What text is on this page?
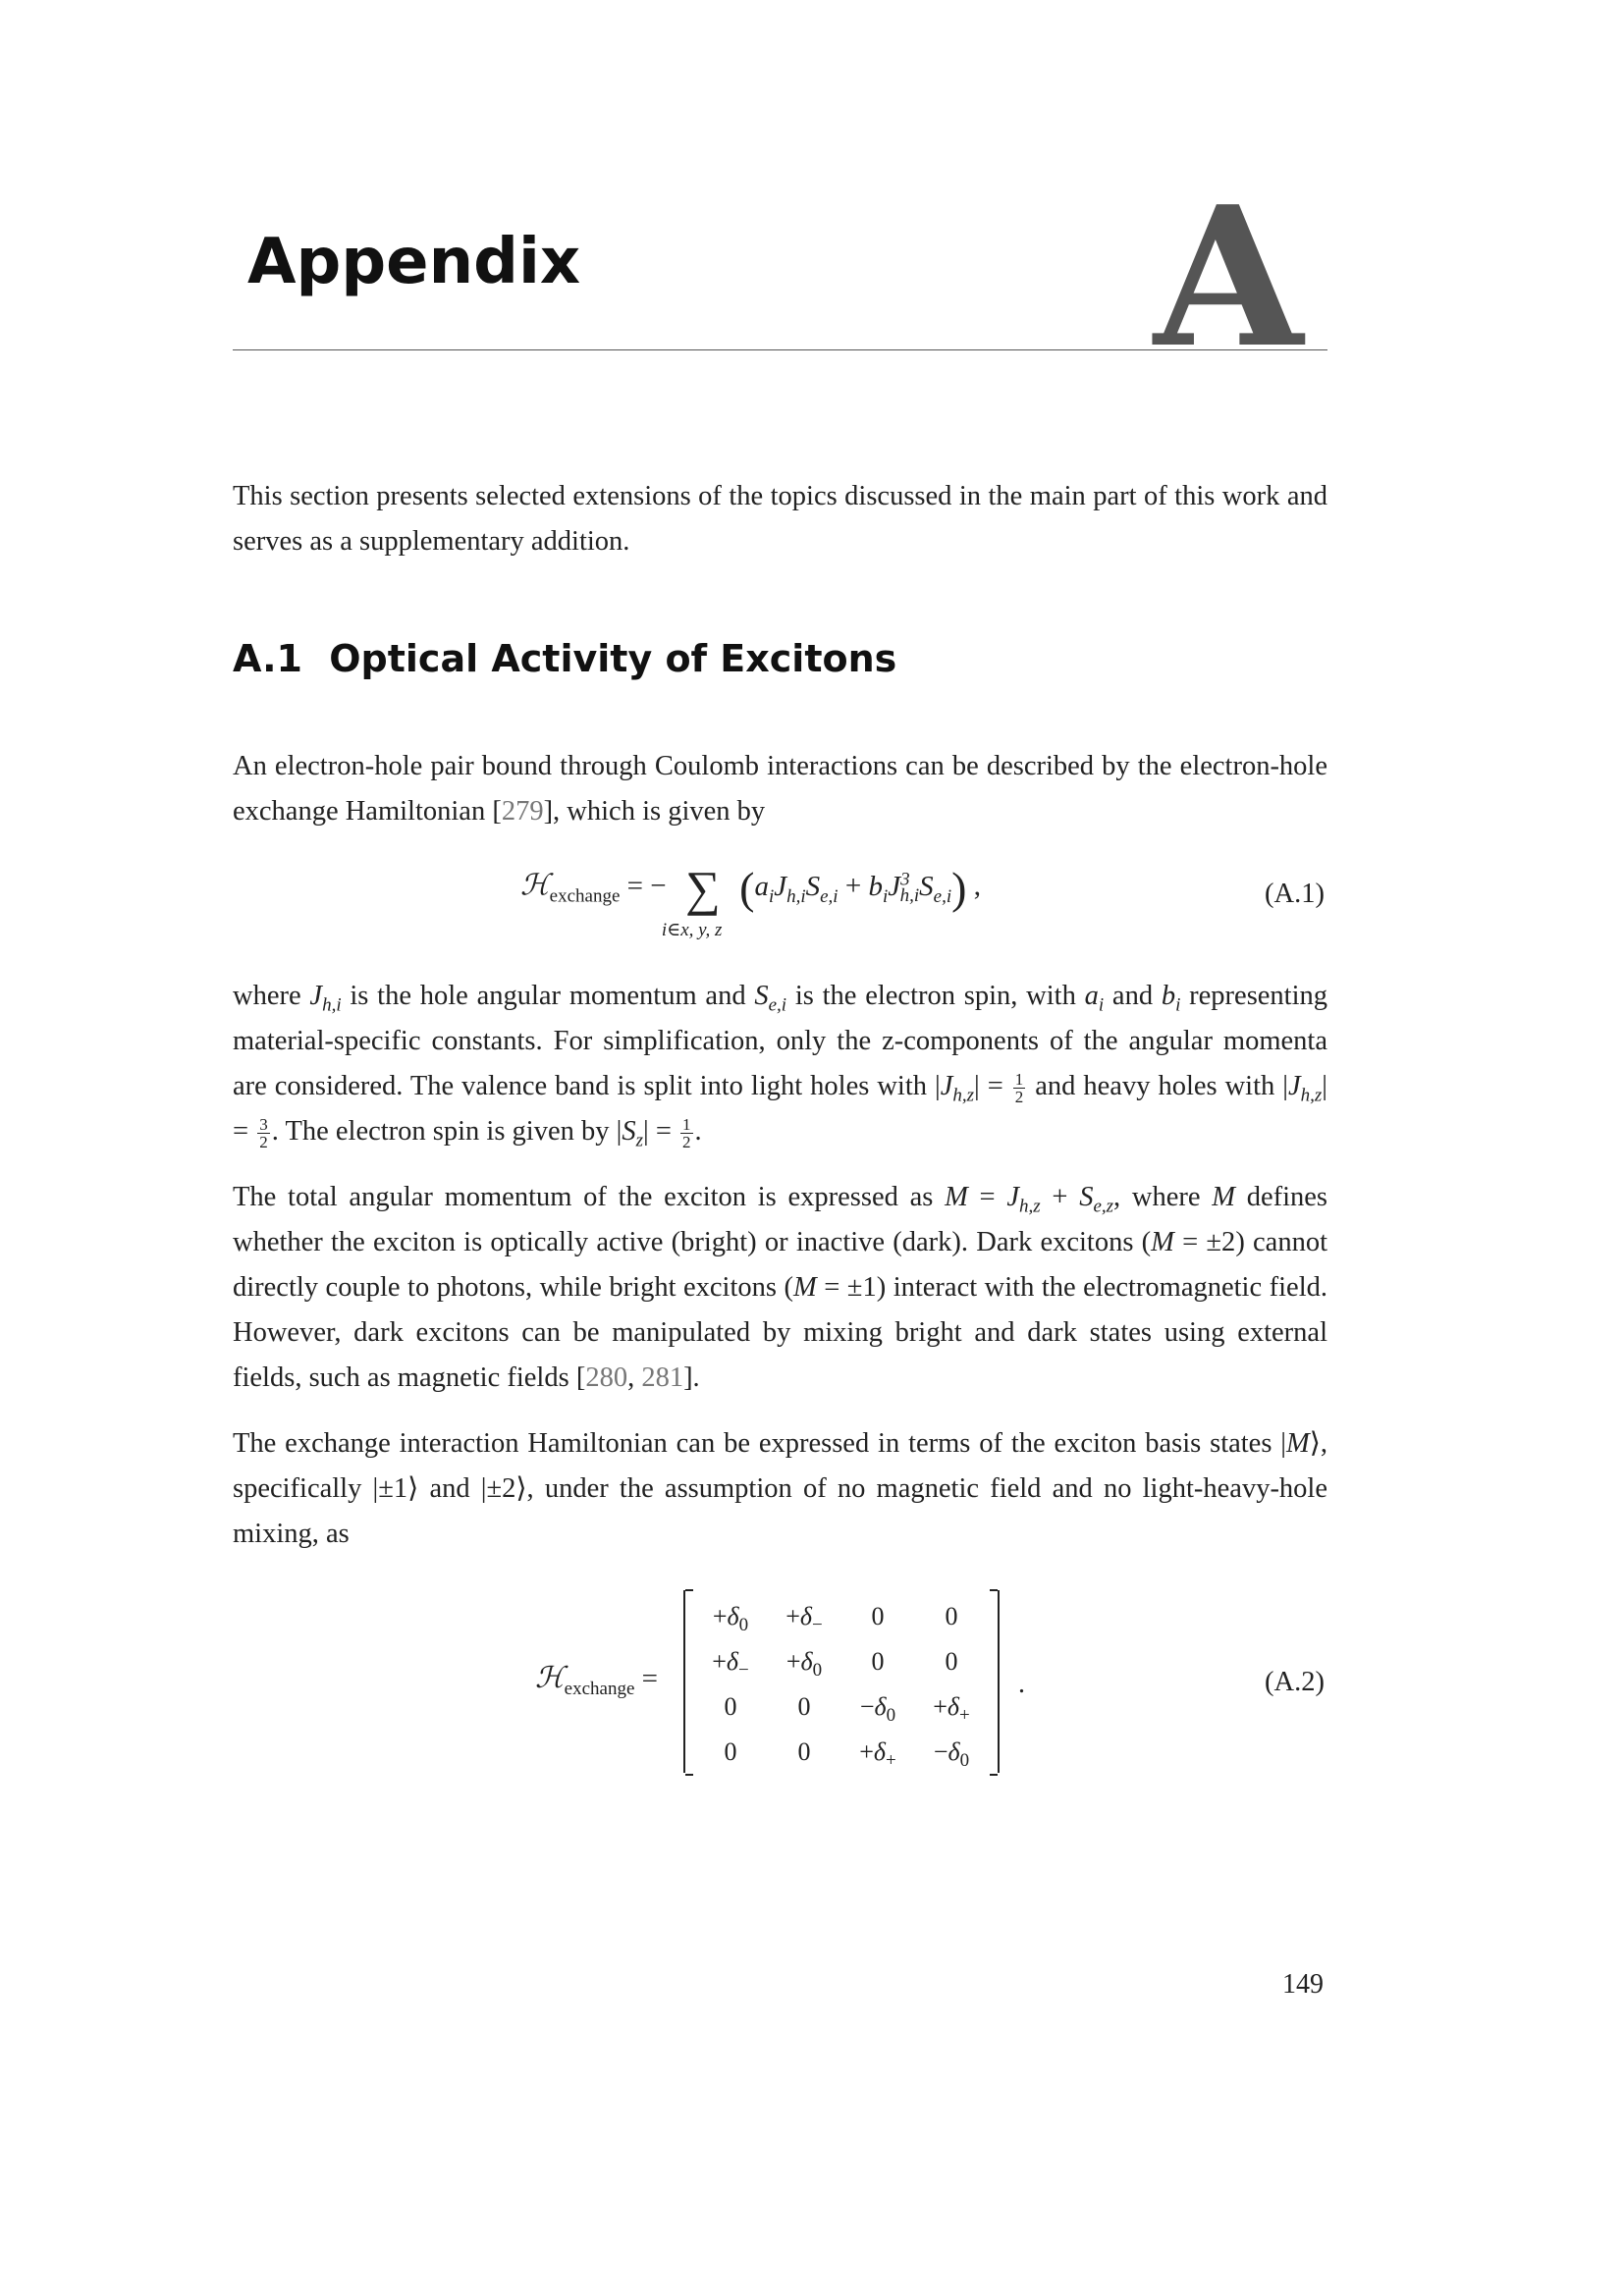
Appendix	A

This section presents selected extensions of the topics discussed in the main part of this work and serves as a supplementary addition.

A.1 Optical Activity of Excitons

An electron-hole pair bound through Coulomb interactions can be described by the electron-hole exchange Hamiltonian [279], which is given by

ℋ$_{exchange}$ = − ∑
i∈x, y, z
$(a_iJ_{h,i}S_{e,i} + b_iJ^3_{h,i}S_{e,i})$ ,	(A.1)

where $J_{h,i}$ is the hole angular momentum and $S_{e,i}$ is the electron spin, with $a_i$ and $b_i$ representing material-specific constants. For simplification, only the z-components of the angular momenta are considered. The valence band is split into light holes with $|J_{h,z}| = \frac{1}{2}$ and heavy holes with $|J_{h,z}| = \frac{3}{2}$ . The electron spin is given by $|S_z| = \frac{1}{2}$ .

The total angular momentum of the exciton is expressed as $M = J_{h,z} + S_{e,z}$, where M defines whether the exciton is optically active (bright) or inactive (dark). Dark excitons (M = ±2) cannot directly couple to photons, while bright excitons (M = ±1) interact with the electromagnetic field. However, dark excitons can be manipulated by mixing bright and dark states using external fields, such as magnetic fields [280, 281].

The exchange interaction Hamiltonian can be expressed in terms of the exciton basis states |M⟩, specifically |±1⟩ and |±2⟩, under the assumption of no magnetic field and no light-heavy-hole mixing, as

ℋ$_{exchange}$ =
$+\delta_0$	$+\delta_-$	0	0
$+\delta_-$	$+\delta_0$	0	0
0	0	$-\delta_0$	$+\delta_+$
0	0	$+\delta_+$	$-\delta_0$
.	(A.2)
149
